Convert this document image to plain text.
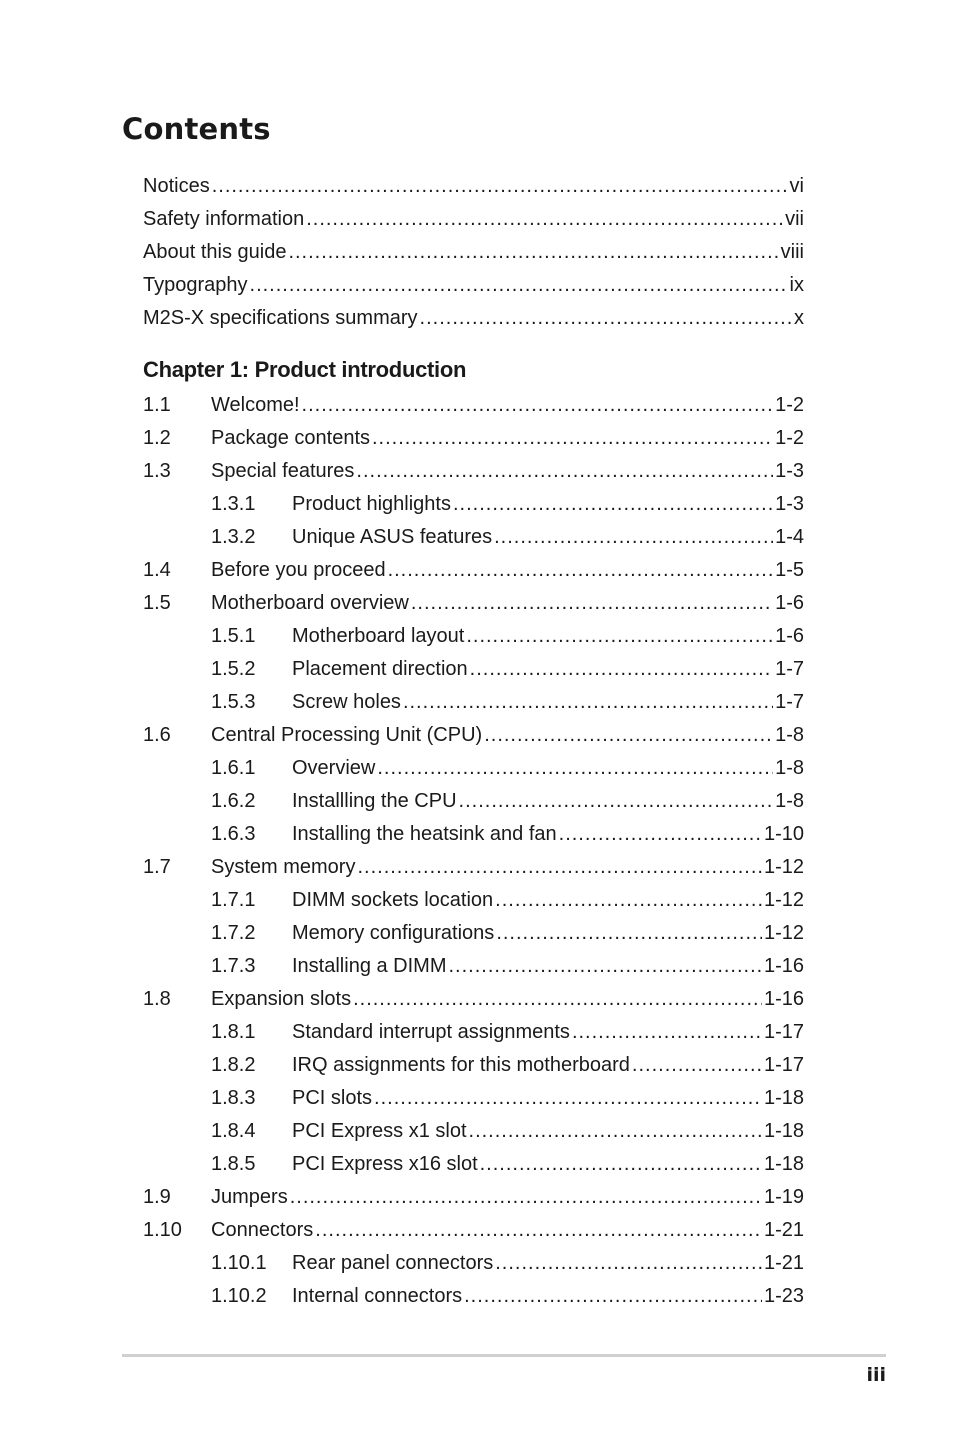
Contents
Notices .....	vi
Safety information .....	vii
About this guide .....	viii
Typography .....	ix
M2S-X specifications summary .....	x
Chapter 1: Product introduction
1.1	Welcome! .....	1-2
1.2	Package contents .....	1-2
1.3	Special features .....	1-3
1.3.1	Product highlights .....	1-3
1.3.2	Unique ASUS features .....	1-4
1.4	Before you proceed .....	1-5
1.5	Motherboard overview .....	1-6
1.5.1	Motherboard layout .....	1-6
1.5.2	Placement direction .....	1-7
1.5.3	Screw holes .....	1-7
1.6	Central Processing Unit (CPU) .....	1-8
1.6.1	Overview .....	1-8
1.6.2	Installling the CPU .....	1-8
1.6.3	Installing the heatsink and fan .....	1-10
1.7	System memory .....	1-12
1.7.1	DIMM sockets location .....	1-12
1.7.2	Memory configurations .....	1-12
1.7.3	Installing a DIMM .....	1-16
1.8	Expansion slots .....	1-16
1.8.1	Standard interrupt assignments .....	1-17
1.8.2	IRQ assignments for this motherboard .....	1-17
1.8.3	PCI slots .....	1-18
1.8.4	PCI Express x1 slot .....	1-18
1.8.5	PCI Express x16 slot .....	1-18
1.9	Jumpers .....	1-19
1.10	Connectors .....	1-21
1.10.1	Rear panel connectors .....	1-21
1.10.2	Internal connectors .....	1-23
iii
